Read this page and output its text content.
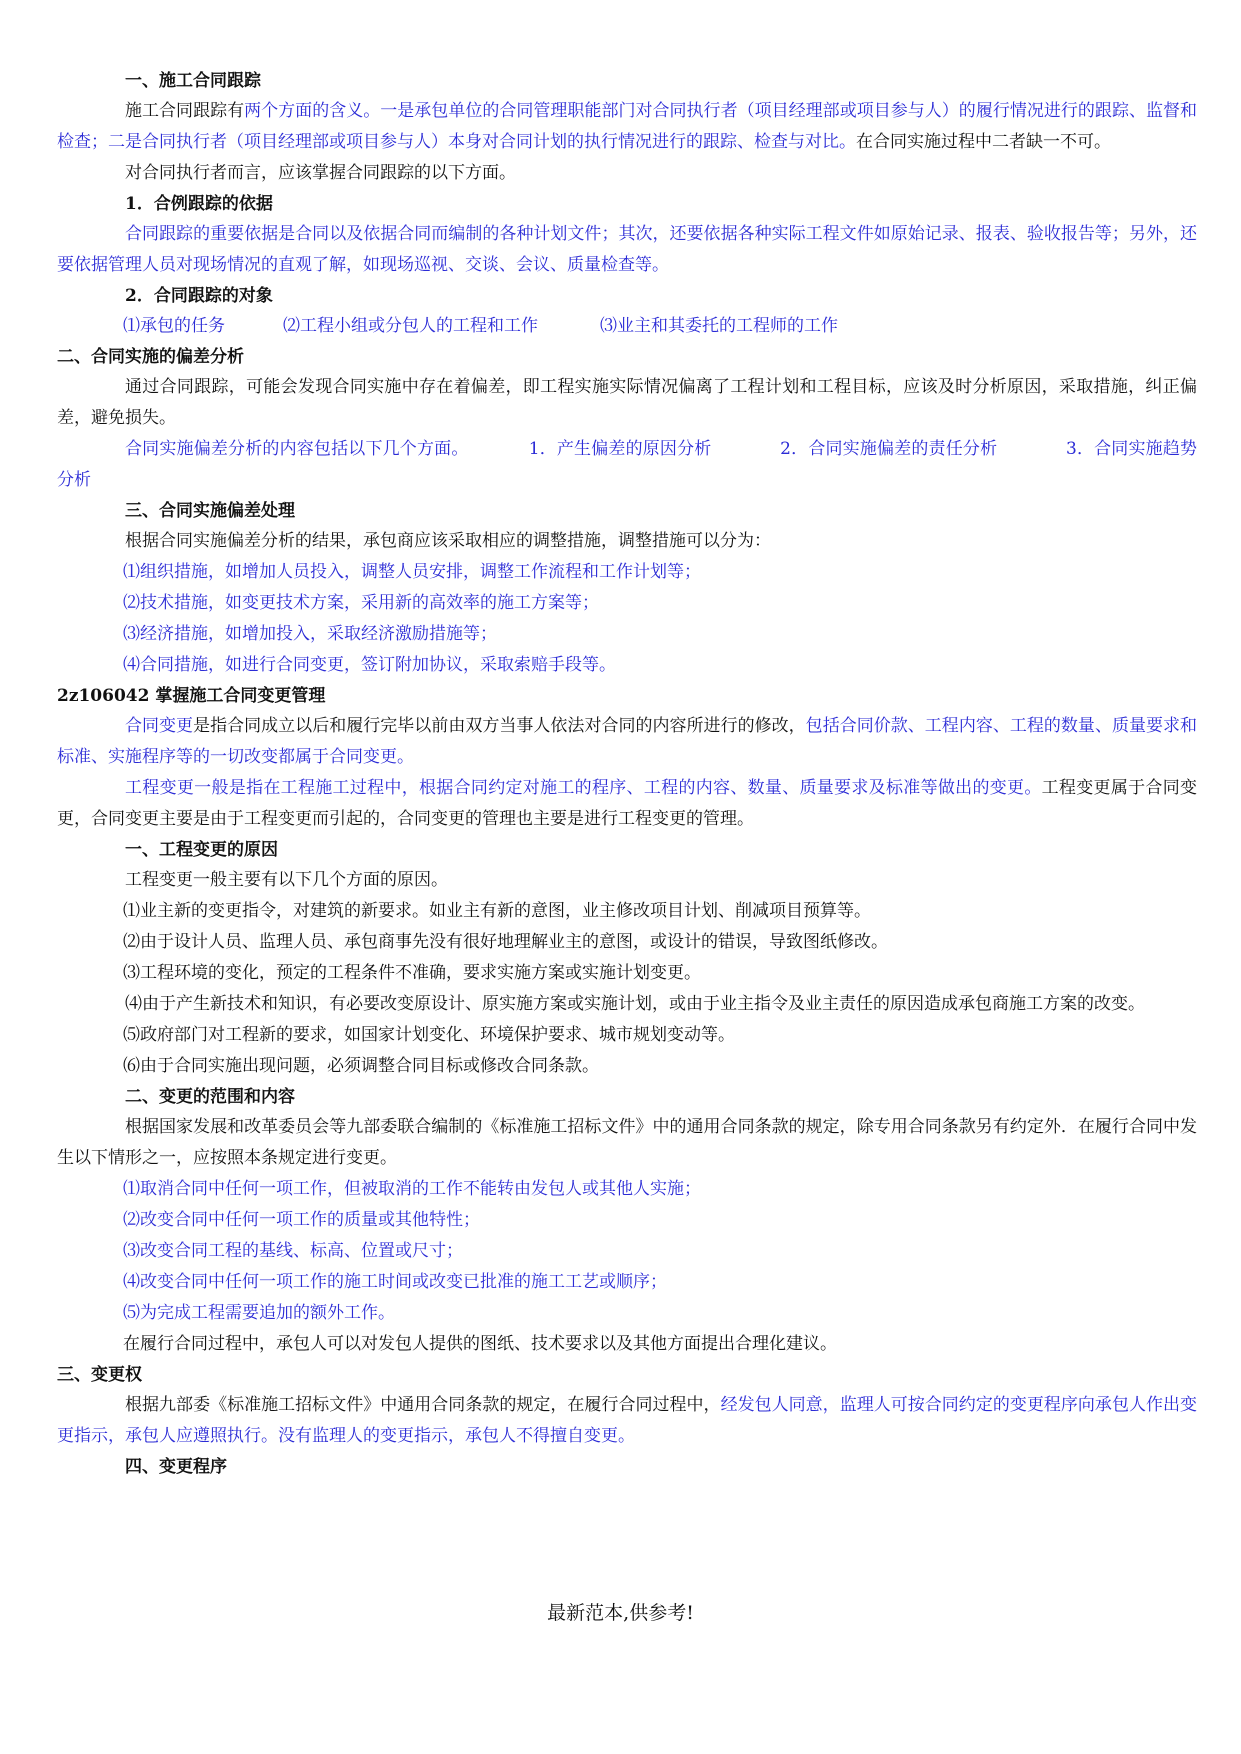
一、施工合同跟踪
施工合同跟踪有两个方面的含义。一是承包单位的合同管理职能部门对合同执行者（项目经理部或项目参与人）的履行情况进行的跟踪、监督和检查；二是合同执行者（项目经理部或项目参与人）本身对合同计划的执行情况进行的跟踪、检查与对比。在合同实施过程中二者缺一不可。
对合同执行者而言，应该掌握合同跟踪的以下方面。
1．合例跟踪的依据
合同跟踪的重要依据是合同以及依据合同而编制的各种计划文件；其次，还要依据各种实际工程文件如原始记录、报表、验收报告等；另外，还要依据管理人员对现场情况的直观了解，如现场巡视、交谈、会议、质量检查等。
2．合同跟踪的对象
⑴承包的任务	⑵工程小组或分包人的工程和工作	⑶业主和其委托的工程师的工作
二、合同实施的偏差分析
通过合同跟踪，可能会发现合同实施中存在着偏差，即工程实施实际情况偏离了工程计划和工程目标，应该及时分析原因，采取措施，纠正偏差，避免损失。
合同实施偏差分析的内容包括以下几个方面。　　　　1．产生偏差的原因分析　　　　2．合同实施偏差的责任分析　　　　3．合同实施趋势分析
三、合同实施偏差处理
根据合同实施偏差分析的结果，承包商应该采取相应的调整措施，调整措施可以分为：
⑴组织措施，如增加人员投入，调整人员安排，调整工作流程和工作计划等；
⑵技术措施，如变更技术方案，采用新的高效率的施工方案等；
⑶经济措施，如增加投入，采取经济激励措施等；
⑷合同措施，如进行合同变更，签订附加协议，采取索赔手段等。
2z106042 掌握施工合同变更管理
合同变更是指合同成立以后和履行完毕以前由双方当事人依法对合同的内容所进行的修改，包括合同价款、工程内容、工程的数量、质量要求和标准、实施程序等的一切改变都属于合同变更。
工程变更一般是指在工程施工过程中，根据合同约定对施工的程序、工程的内容、数量、质量要求及标准等做出的变更。工程变更属于合同变更，合同变更主要是由于工程变更而引起的，合同变更的管理也主要是进行工程变更的管理。
一、工程变更的原因
工程变更一般主要有以下几个方面的原因。
⑴业主新的变更指令，对建筑的新要求。如业主有新的意图，业主修改项目计划、削减项目预算等。
⑵由于设计人员、监理人员、承包商事先没有很好地理解业主的意图，或设计的错误，导致图纸修改。
⑶工程环境的变化，预定的工程条件不准确，要求实施方案或实施计划变更。
⑷由于产生新技术和知识，有必要改变原设计、原实施方案或实施计划，或由于业主指令及业主责任的原因造成承包商施工方案的改变。
⑸政府部门对工程新的要求，如国家计划变化、环境保护要求、城市规划变动等。
⑹由于合同实施出现问题，必须调整合同目标或修改合同条款。
二、变更的范围和内容
根据国家发展和改革委员会等九部委联合编制的《标准施工招标文件》中的通用合同条款的规定，除专用合同条款另有约定外．在履行合同中发生以下情形之一，应按照本条规定进行变更。
⑴取消合同中任何一项工作，但被取消的工作不能转由发包人或其他人实施；
⑵改变合同中任何一项工作的质量或其他特性；
⑶改变合同工程的基线、标高、位置或尺寸；
⑷改变合同中任何一项工作的施工时间或改变已批准的施工工艺或顺序；
⑸为完成工程需要追加的额外工作。
在履行合同过程中，承包人可以对发包人提供的图纸、技术要求以及其他方面提出合理化建议。
三、变更权
根据九部委《标准施工招标文件》中通用合同条款的规定，在履行合同过程中，经发包人同意，监理人可按合同约定的变更程序向承包人作出变更指示，承包人应遵照执行。没有监理人的变更指示，承包人不得擅自变更。
四、变更程序
最新范本,供参考!
